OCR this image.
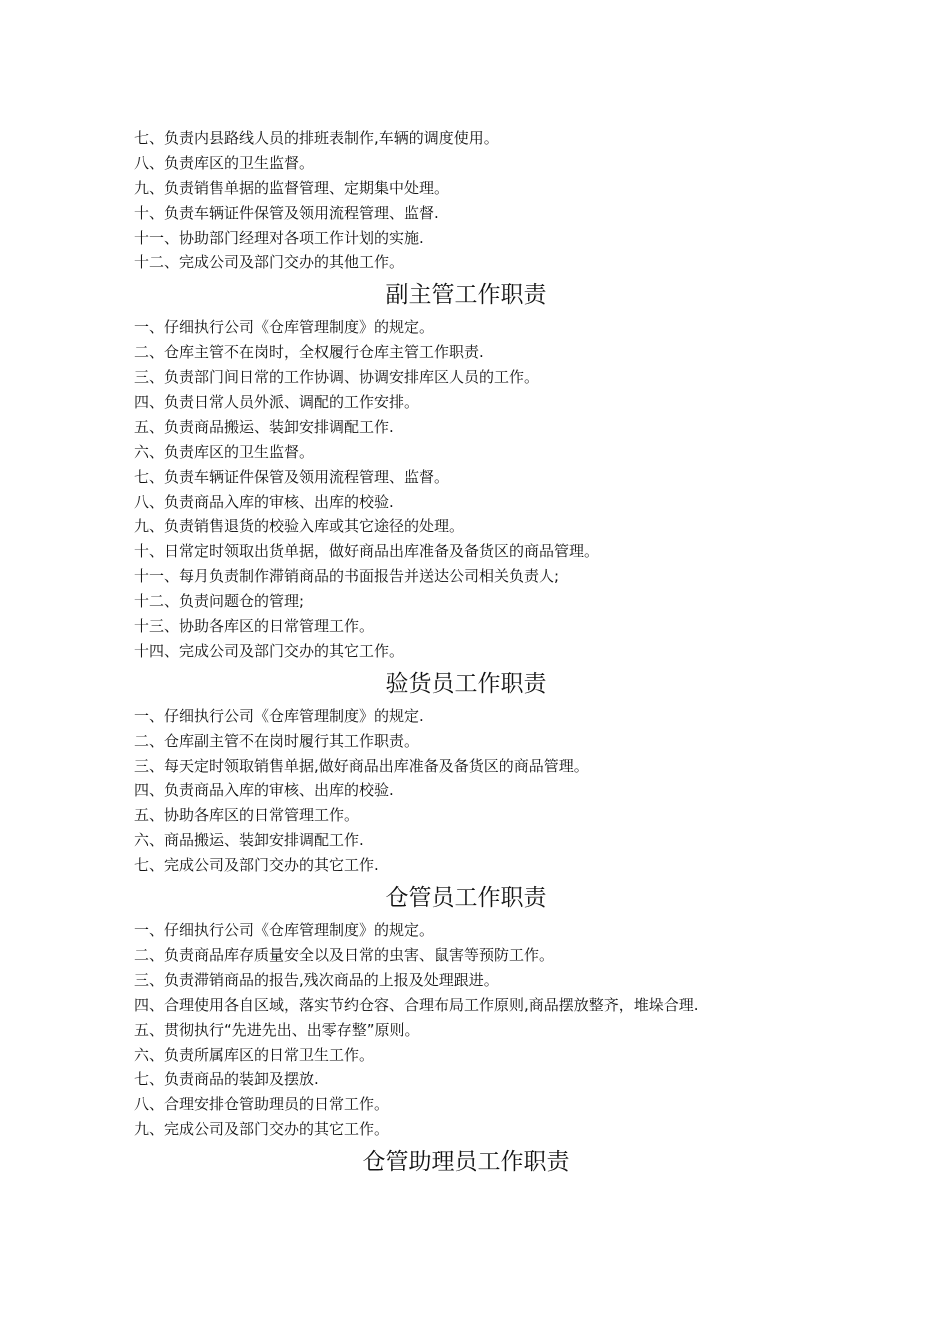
七、负责内县路线人员的排班表制作,车辆的调度使用。
八、负责库区的卫生监督。
九、负责销售单据的监督管理、定期集中处理。
十、负责车辆证件保管及领用流程管理、监督.
十一、协助部门经理对各项工作计划的实施.
十二、完成公司及部门交办的其他工作。
副主管工作职责
一、仔细执行公司《仓库管理制度》的规定。
二、仓库主管不在岗时，全权履行仓库主管工作职责.
三、负责部门间日常的工作协调、协调安排库区人员的工作。
四、负责日常人员外派、调配的工作安排。
五、负责商品搬运、装卸安排调配工作.
六、负责库区的卫生监督。
七、负责车辆证件保管及领用流程管理、监督。
八、负责商品入库的审核、出库的校验.
九、负责销售退货的校验入库或其它途径的处理。
十、日常定时领取出货单据，做好商品出库准备及备货区的商品管理。
十一、每月负责制作滞销商品的书面报告并送达公司相关负责人;
十二、负责问题仓的管理;
十三、协助各库区的日常管理工作。
十四、完成公司及部门交办的其它工作。
验货员工作职责
一、仔细执行公司《仓库管理制度》的规定.
二、仓库副主管不在岗时履行其工作职责。
三、每天定时领取销售单据,做好商品出库准备及备货区的商品管理。
四、负责商品入库的审核、出库的校验.
五、协助各库区的日常管理工作。
六、商品搬运、装卸安排调配工作.
七、完成公司及部门交办的其它工作.
仓管员工作职责
一、仔细执行公司《仓库管理制度》的规定。
二、负责商品库存质量安全以及日常的虫害、鼠害等预防工作。
三、负责滞销商品的报告,残次商品的上报及处理跟进。
四、合理使用各自区域，落实节约仓容、合理布局工作原则,商品摆放整齐，堆垛合理.
五、贯彻执行“先进先出、出零存整”原则。
六、负责所属库区的日常卫生工作。
七、负责商品的装卸及摆放.
八、合理安排仓管助理员的日常工作。
九、完成公司及部门交办的其它工作。
仓管助理员工作职责
